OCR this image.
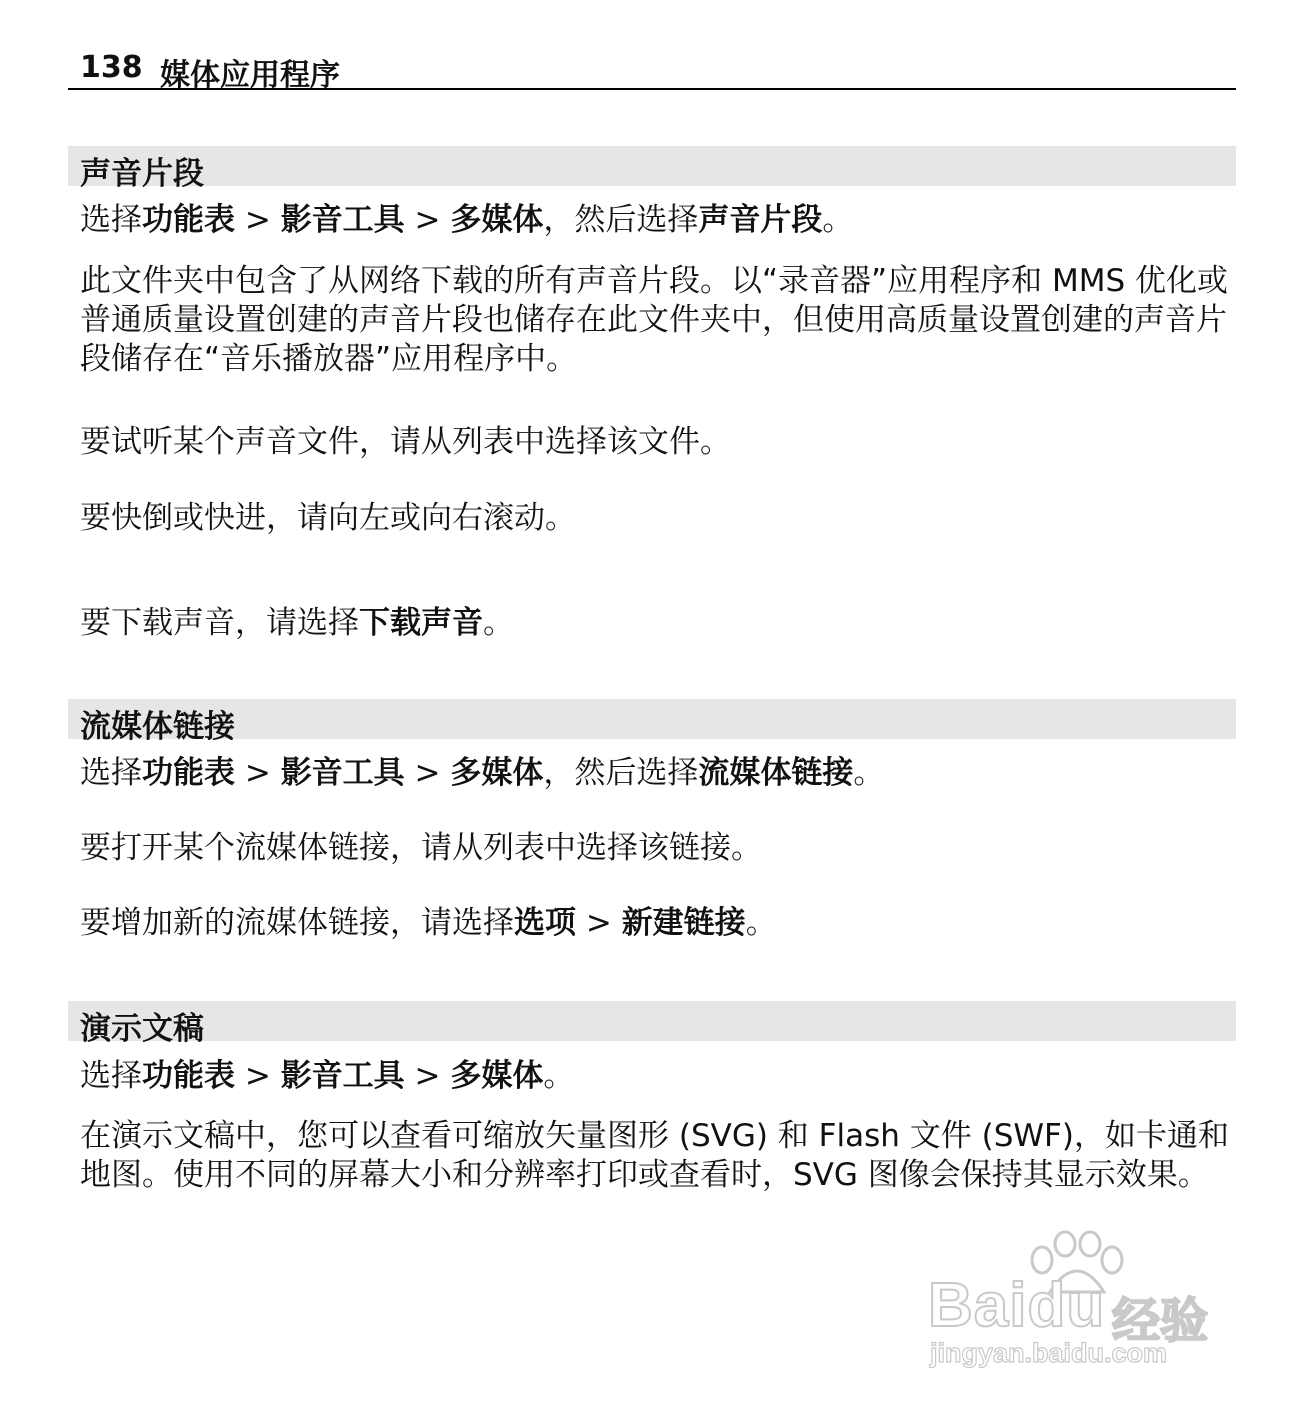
138 媒体应用程序
声音片段
选择功能表 > 影音工具 > 多媒体，然后选择声音片段。
此文件夹中包含了从网络下载的所有声音片段。以“录音器”应用程序和 MMS 优化或普通质量设置创建的声音片段也储存在此文件夹中，但使用高质量设置创建的声音片段储存在“音乐播放器”应用程序中。
要试听某个声音文件，请从列表中选择该文件。
要快倒或快进，请向左或向右滚动。
要下载声音，请选择下载声音。
流媒体链接
选择功能表 > 影音工具 > 多媒体，然后选择流媒体链接。
要打开某个流媒体链接，请从列表中选择该链接。
要增加新的流媒体链接，请选择选项 > 新建链接。
演示文稿
选择功能表 > 影音工具 > 多媒体。
在演示文稿中，您可以查看可缩放矢量图形 (SVG) 和 Flash 文件 (SWF)，如卡通和地图。使用不同的屏幕大小和分辨率打印或查看时，SVG 图像会保持其显示效果。
Baidu 经验
jingyan.baidu.com
